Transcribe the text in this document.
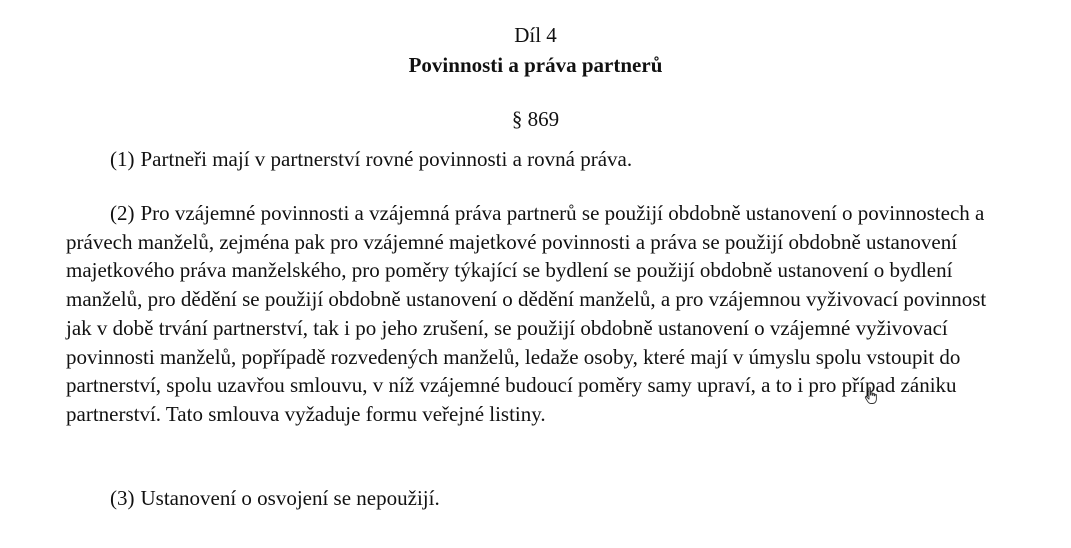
Díl 4
Povinnosti a práva partnerů
§ 869

(1) Partneři mají v partnerství rovné povinnosti a rovná práva.

(2) Pro vzájemné povinnosti a vzájemná práva partnerů se použijí obdobně ustanovení o povinnostech a právech manželů, zejména pak pro vzájemné majetkové povinnosti a práva se použijí obdobně ustanovení majetkového práva manželského, pro poměry týkající se bydlení se použijí obdobně ustanovení o bydlení manželů, pro dědění se použijí obdobně ustanovení o dědění manželů, a pro vzájemnou vyživovací povinnost jak v době trvání partnerství, tak i po jeho zrušení, se použijí obdobně ustanovení o vzájemné vyživovací povinnosti manželů, popřípadě rozvedených manželů, ledaže osoby, které mají v úmyslu spolu vstoupit do partnerství, spolu uzavřou smlouvu, v níž vzájemné budoucí poměry samy upraví, a to i pro případ zániku partnerství. Tato smlouva vyžaduje formu veřejné listiny.

(3) Ustanovení o osvojení se nepoužijí.
